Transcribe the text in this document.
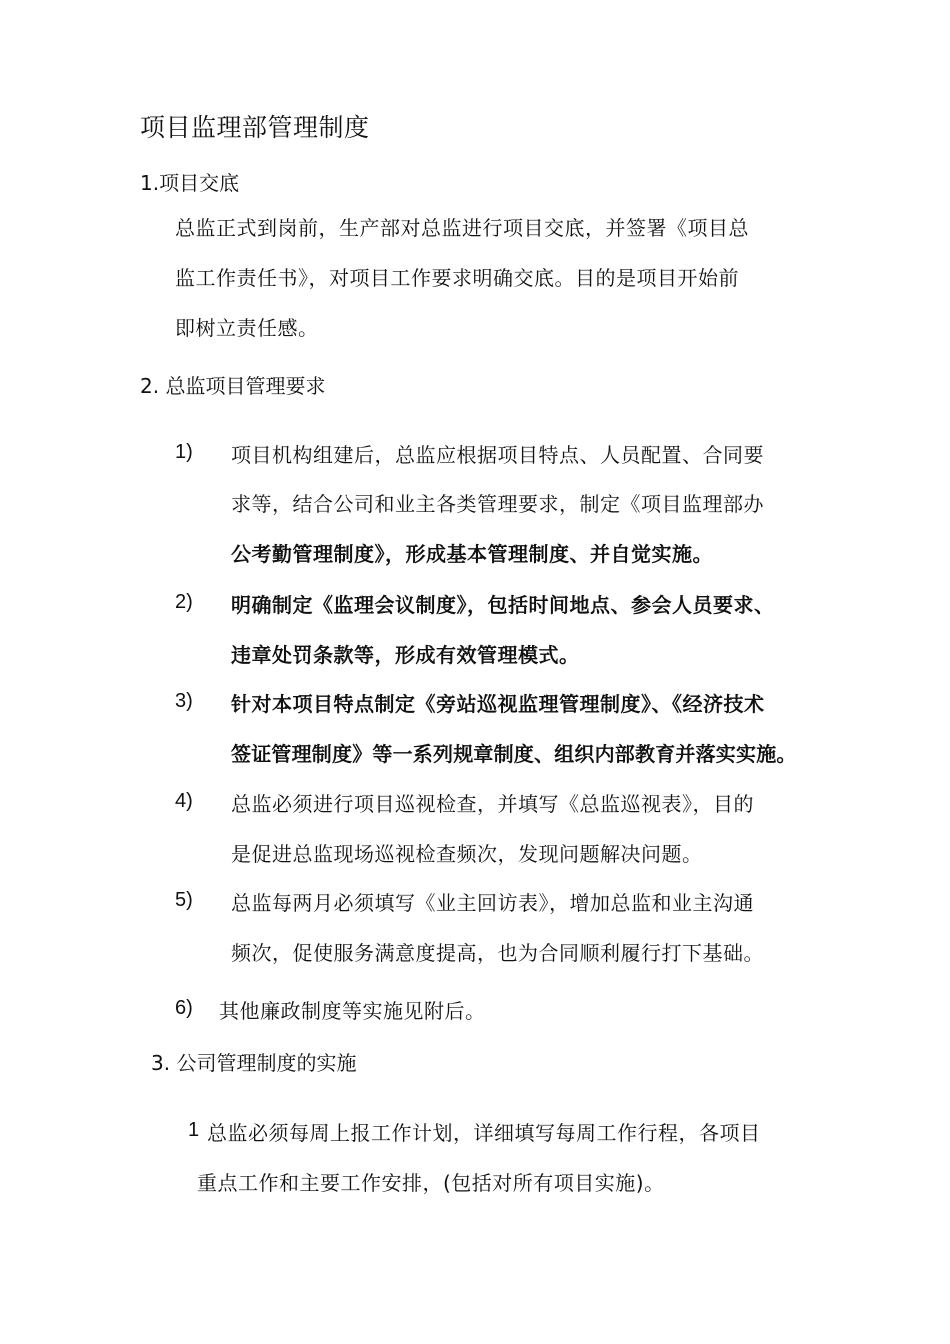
项目监理部管理制度
1.项目交底
总监正式到岗前，生产部对总监进行项目交底，并签署《项目总
监工作责任书》，对项目工作要求明确交底。目的是项目开始前
即树立责任感。
2. 总监项目管理要求
1) 项目机构组建后，总监应根据项目特点、人员配置、合同要
求等，结合公司和业主各类管理要求，制定《项目监理部办
公考勤管理制度》，形成基本管理制度、并自觉实施。
2) 明确制定《监理会议制度》，包括时间地点、参会人员要求、
违章处罚条款等，形成有效管理模式。
3) 针对本项目特点制定《旁站巡视监理管理制度》、《经济技术
签证管理制度》等一系列规章制度、组织内部教育并落实实施。
4) 总监必须进行项目巡视检查，并填写《总监巡视表》，目的
是促进总监现场巡视检查频次，发现问题解决问题。
5) 总监每两月必须填写《业主回访表》，增加总监和业主沟通
频次，促使服务满意度提高，也为合同顺利履行打下基础。
6) 其他廉政制度等实施见附后。
3. 公司管理制度的实施
1 总监必须每周上报工作计划，详细填写每周工作行程，各项目
重点工作和主要工作安排，(包括对所有项目实施)。
